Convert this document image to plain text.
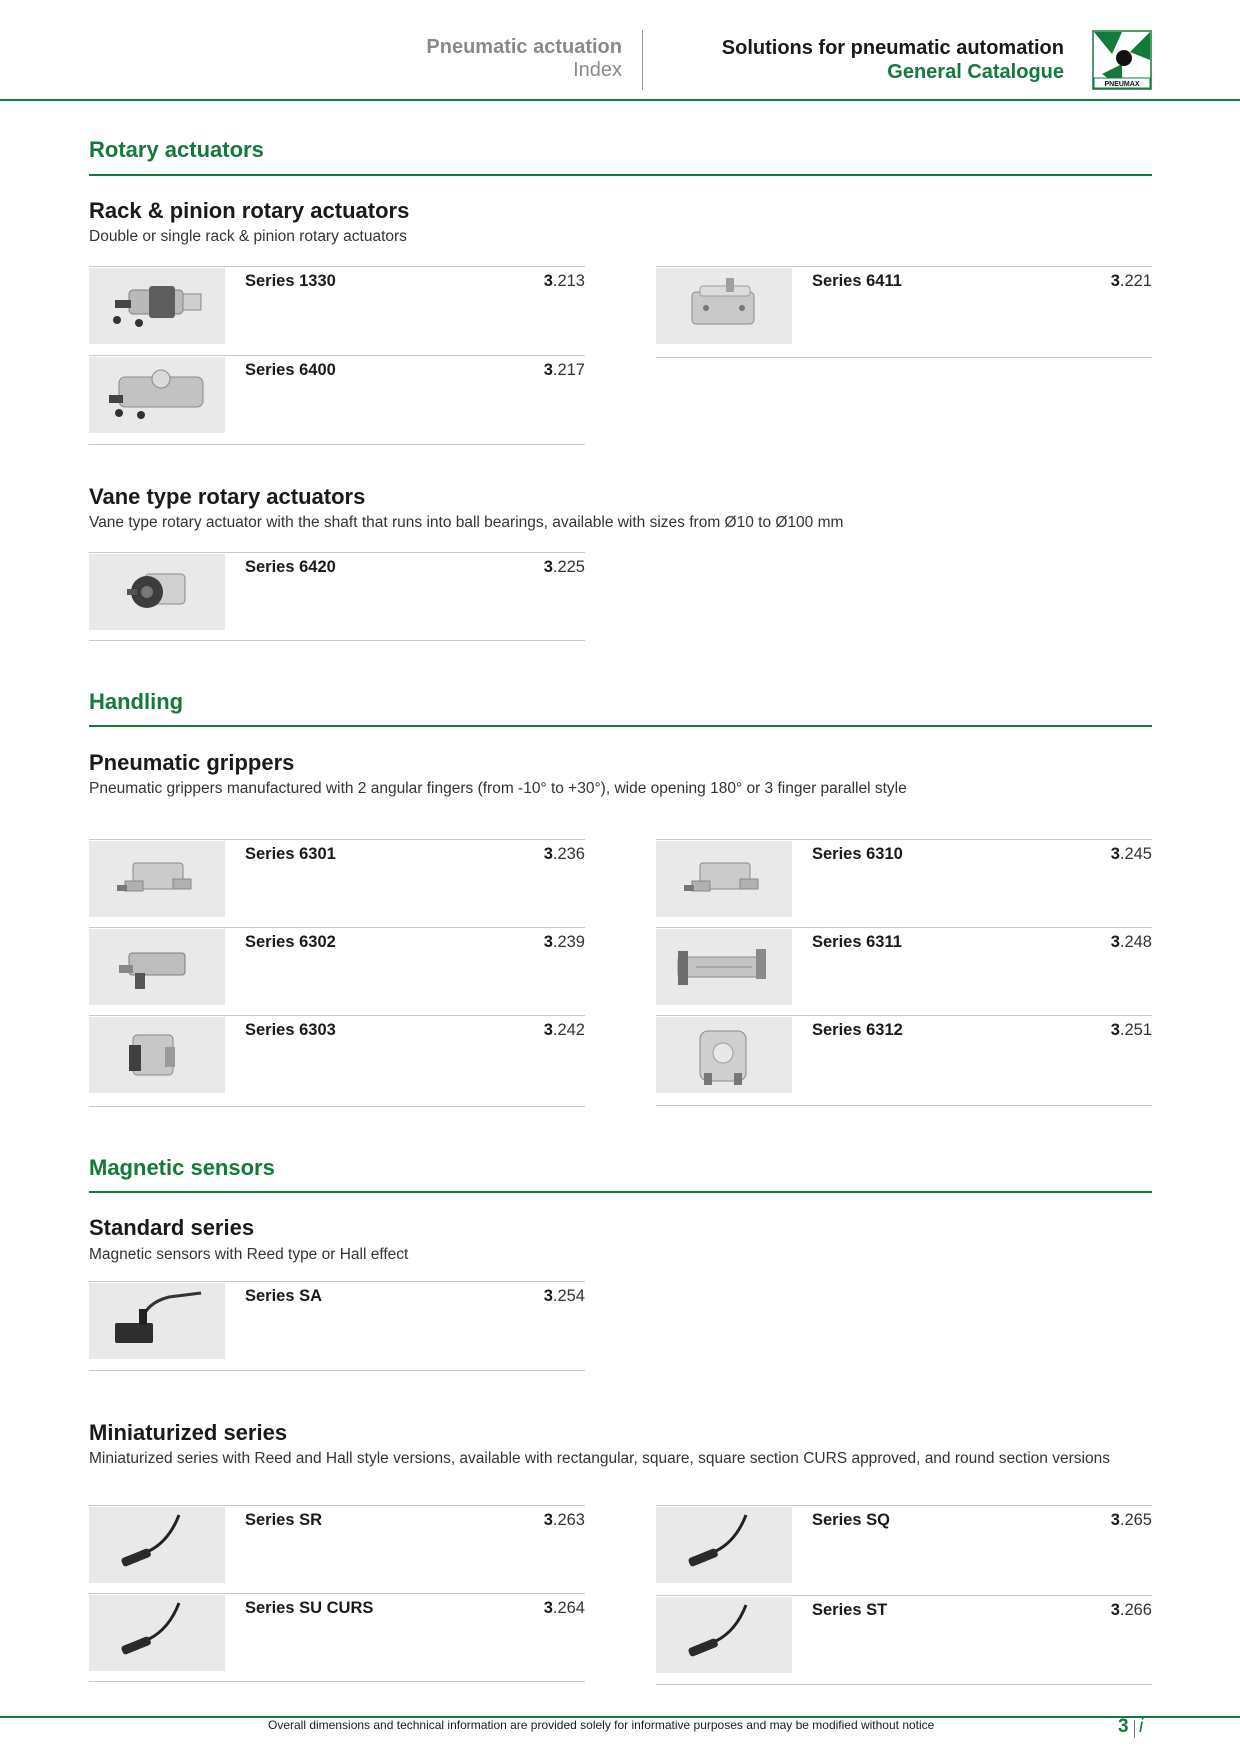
Pneumatic actuation
Index
Solutions for pneumatic automation
General Catalogue
PNEUMAX
Rotary actuators
Rack & pinion rotary actuators
Double or single rack & pinion rotary actuators
Series 1330	3.213	Series 6411	3.221
Series 6400	3.217
Vane type rotary actuators
Vane type rotary actuator with the shaft that runs into ball bearings, available with sizes from Ø10 to Ø100 mm
Series 6420	3.225
Handling
Pneumatic grippers
Pneumatic grippers manufactured with 2 angular fingers (from -10° to +30°), wide opening 180° or 3 finger parallel style
Series 6301	3.236	Series 6310	3.245
Series 6302	3.239	Series 6311	3.248
Series 6303	3.242	Series 6312	3.251
Magnetic sensors
Standard series
Magnetic sensors with Reed type or Hall effect
Series SA	3.254
Miniaturized series
Miniaturized series with Reed and Hall style versions, available with rectangular, square, square section CURS approved, and round section versions
Series SR	3.263	Series SQ	3.265
Series SU CURS	3.264	Series ST	3.266
Overall dimensions and technical information are provided solely for informative purposes and may be modified without notice	3 i
